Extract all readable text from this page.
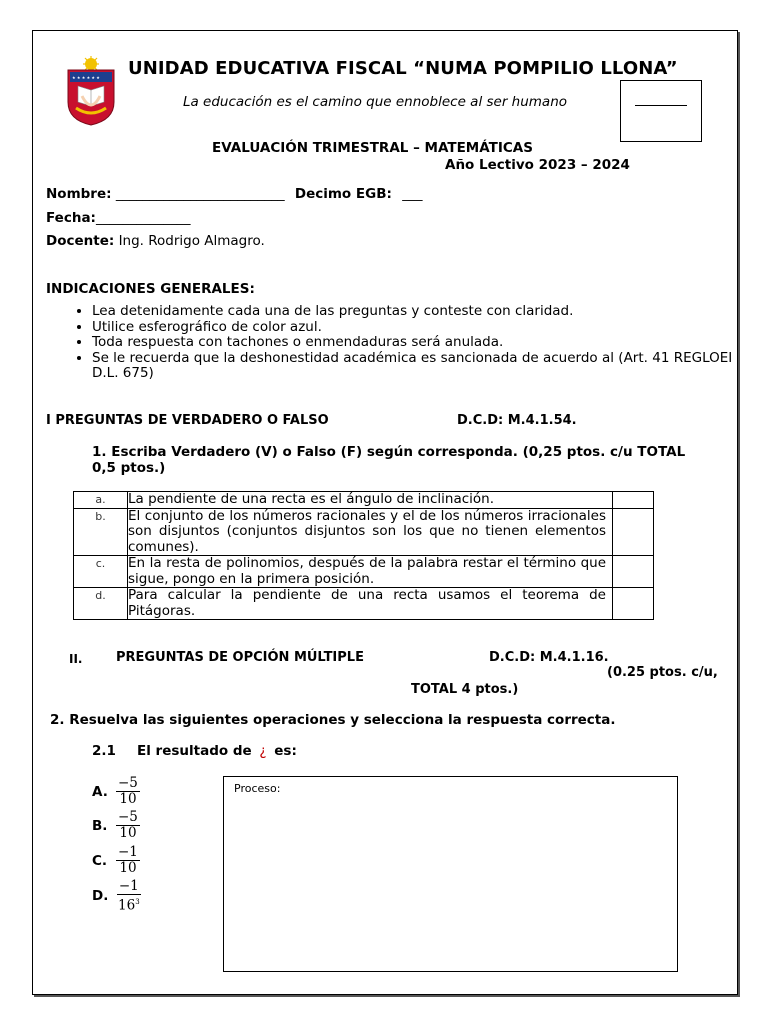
★ ★ ★ ★ ★ ★ UNIDAD EDUCATIVA FISCAL “NUMA POMPILIO LLONA”
La educación es el camino que ennoblece al ser humano
EVALUACIÓN TRIMESTRAL – MATEMÁTICAS
Año Lectivo 2023 – 2024
Nombre: _________________________ Decimo EGB: ___
Fecha:______________
Docente: Ing. Rodrigo Almagro.
INDICACIONES GENERALES:
• Lea detenidamente cada una de las preguntas y conteste con claridad.
• Utilice esferográfico de color azul.
• Toda respuesta con tachones o enmendaduras será anulada.
• Se le recuerda que la deshonestidad académica es sancionada de acuerdo al (Art. 41 REGLOEI D.L. 675)
I PREGUNTAS DE VERDADERO O FALSO	D.C.D: M.4.1.54.
1. Escriba Verdadero (V) o Falso (F) según corresponda. (0,25 ptos. c/u TOTAL 0,5 ptos.)
a.	La pendiente de una recta es el ángulo de inclinación.	
b.	El conjunto de los números racionales y el de los números irracionales son disjuntos (conjuntos disjuntos son los que no tienen elementos comunes).	
c.	En la resta de polinomios, después de la palabra restar el término que sigue, pongo en la primera posición.	
d.	Para calcular la pendiente de una recta usamos el teorema de Pitágoras.	
II.	PREGUNTAS DE OPCIÓN MÚLTIPLE	D.C.D: M.4.1.16.
(0.25 ptos. c/u,
TOTAL 4 ptos.)
2. Resuelva las siguientes operaciones y selecciona la respuesta correcta.
2.1 El resultado de ¿ es:
A. $\frac{-5}{10}$
B. $\frac{-5}{10}$
C. $\frac{-1}{10}$
D. $\frac{-1}{16^3}$
Proceso:
